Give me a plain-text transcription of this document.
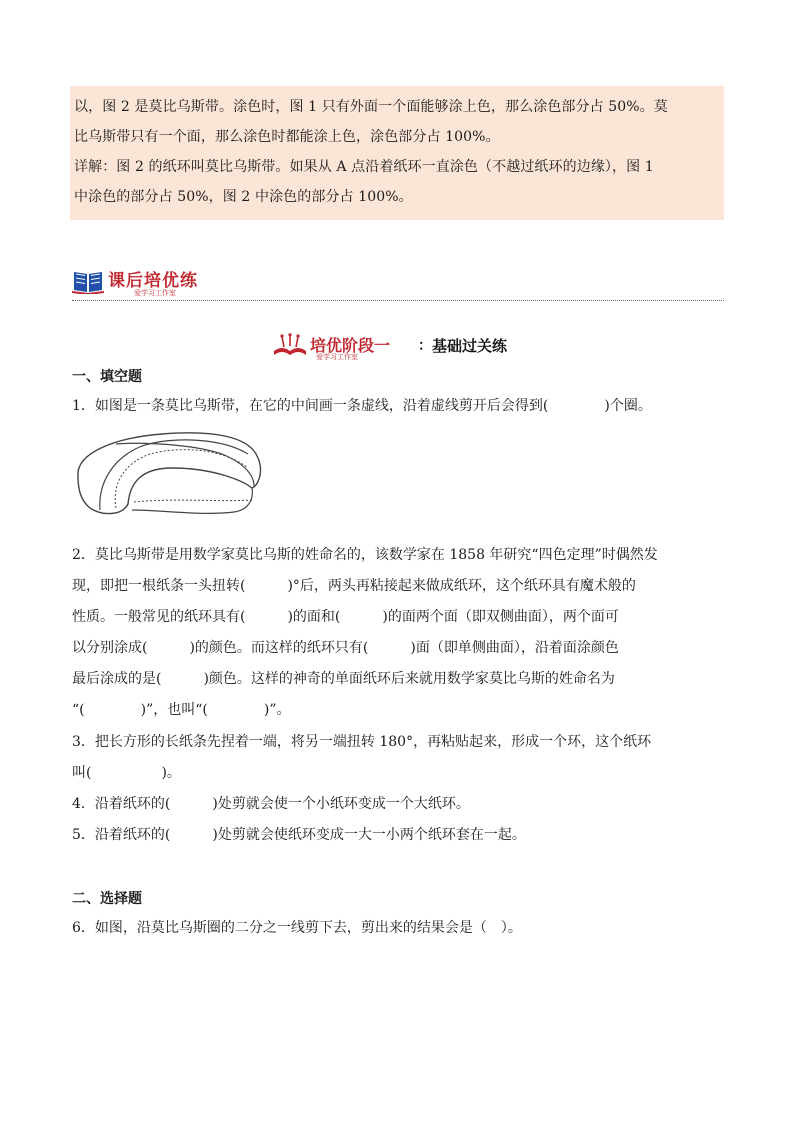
以，图 2 是莫比乌斯带。涂色时，图 1 只有外面一个面能够涂上色，那么涂色部分占 50%。莫

比乌斯带只有一个面，那么涂色时都能涂上色，涂色部分占 100%。

详解：图 2 的纸环叫莫比乌斯带。如果从 A 点沿着纸环一直涂色（不越过纸环的边缘），图 1

中涂色的部分占 50%，图 2 中涂色的部分占 100%。

课后培优练
爱学习工作室
培优阶段一
爱学习工作室
： 基础过关练
一、填空题

1．如图是一条莫比乌斯带，在它的中间画一条虚线，沿着虚线剪开后会得到(　　　　)个圈。

2．莫比乌斯带是用数学家莫比乌斯的姓命名的，该数学家在 1858 年研究“四色定理”时偶然发

现，即把一根纸条一头扭转(　　　)°后，两头再粘接起来做成纸环，这个纸环具有魔术般的

性质。一般常见的纸环具有(　　　)的面和(　　　)的面两个面（即双侧曲面），两个面可

以分别涂成(　　　)的颜色。而这样的纸环只有(　　　)面（即单侧曲面），沿着面涂颜色

最后涂成的是(　　　)颜色。这样的神奇的单面纸环后来就用数学家莫比乌斯的姓命名为

“(　　　　)”，也叫“(　　　　)”。

3．把长方形的长纸条先捏着一端，将另一端扭转 180°，再粘贴起来，形成一个环，这个纸环

叫(　　　　　)。

4．沿着纸环的(　　　)处剪就会使一个小纸环变成一个大纸环。

5．沿着纸环的(　　　)处剪就会使纸环变成一大一小两个纸环套在一起。

二、选择题

6．如图，沿莫比乌斯圈的二分之一线剪下去，剪出来的结果会是（　）。
